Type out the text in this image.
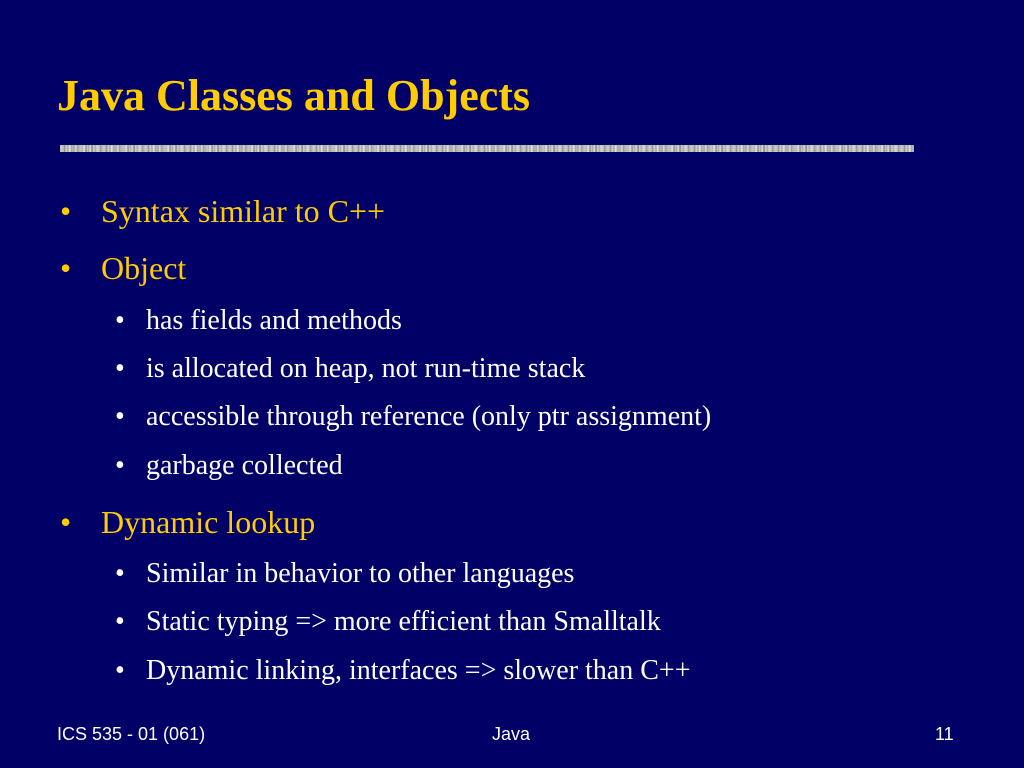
Java Classes and Objects
• Syntax similar to C++
• Object
• has fields and methods
• is allocated on heap, not run-time stack
• accessible through reference (only ptr assignment)
• garbage collected
• Dynamic lookup
• Similar in behavior to other languages
• Static typing => more efficient than Smalltalk
• Dynamic linking, interfaces => slower than C++
ICS 535 - 01 (061)	Java	11
